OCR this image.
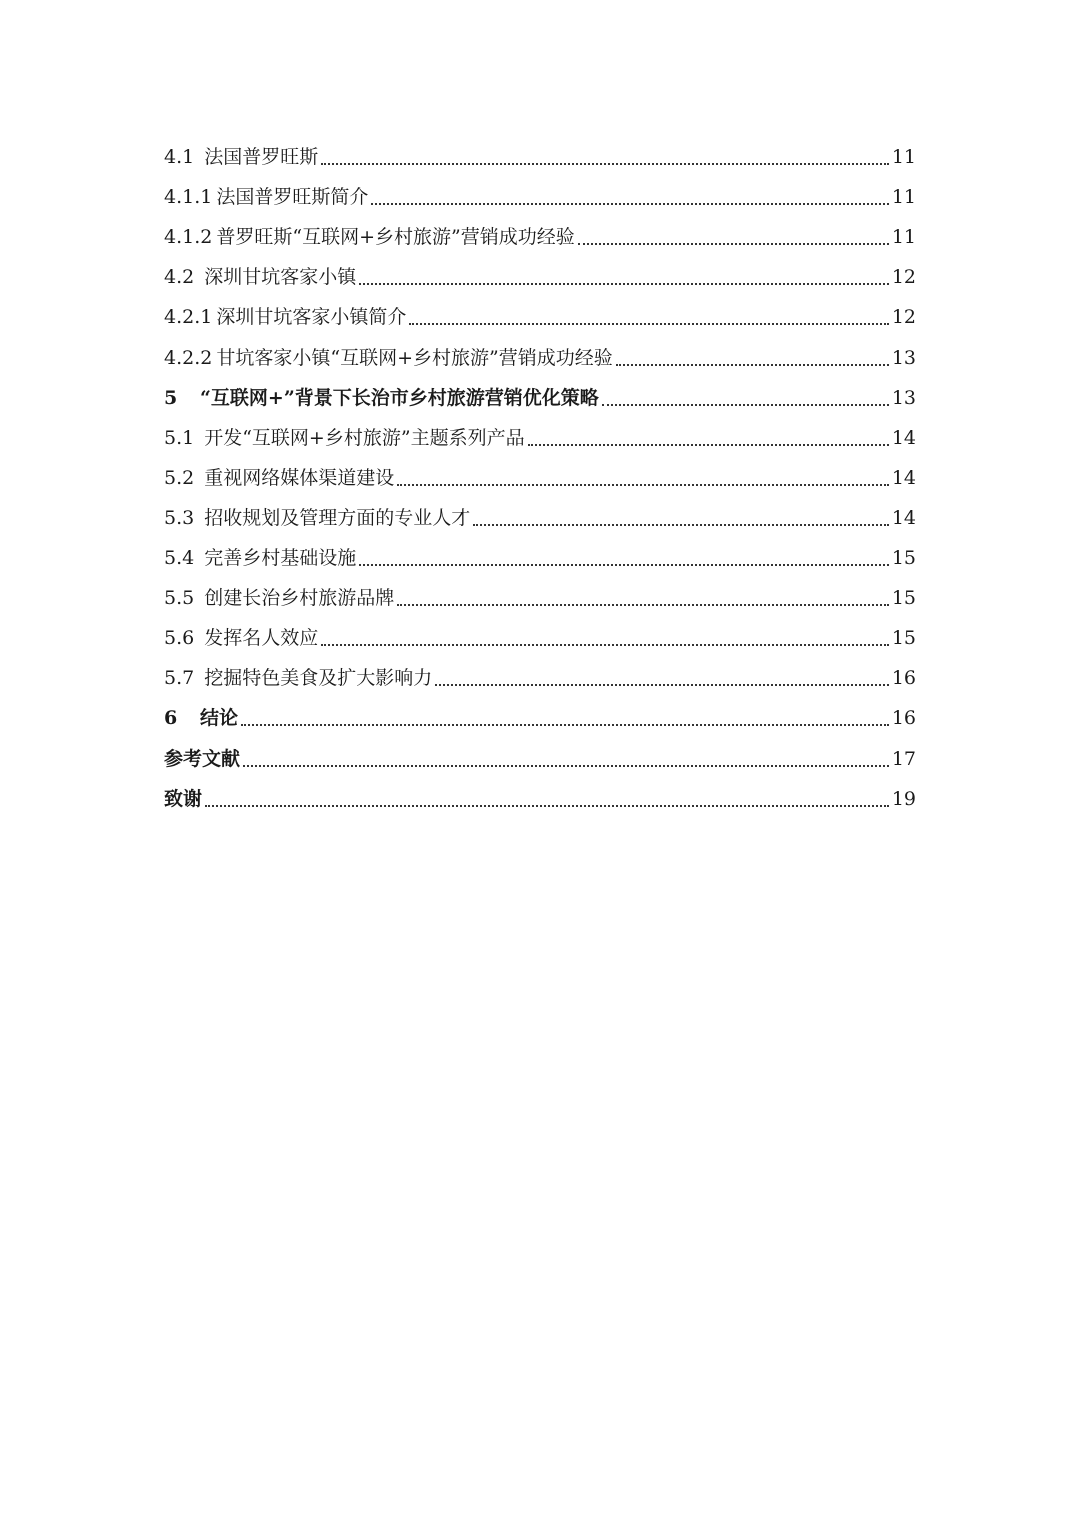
4.1 法国普罗旺斯	11
4.1.1 法国普罗旺斯简介	11
4.1.2 普罗旺斯“互联网+乡村旅游”营销成功经验	11
4.2 深圳甘坑客家小镇	12
4.2.1 深圳甘坑客家小镇简介	12
4.2.2 甘坑客家小镇“互联网+乡村旅游”营销成功经验	13
5	“互联网+”背景下长治市乡村旅游营销优化策略	13
5.1 开发“互联网+乡村旅游”主题系列产品	14
5.2 重视网络媒体渠道建设	14
5.3 招收规划及管理方面的专业人才	14
5.4 完善乡村基础设施	15
5.5 创建长治乡村旅游品牌	15
5.6 发挥名人效应	15
5.7 挖掘特色美食及扩大影响力	16
6	结论	16
参考文献	17
致谢	19
